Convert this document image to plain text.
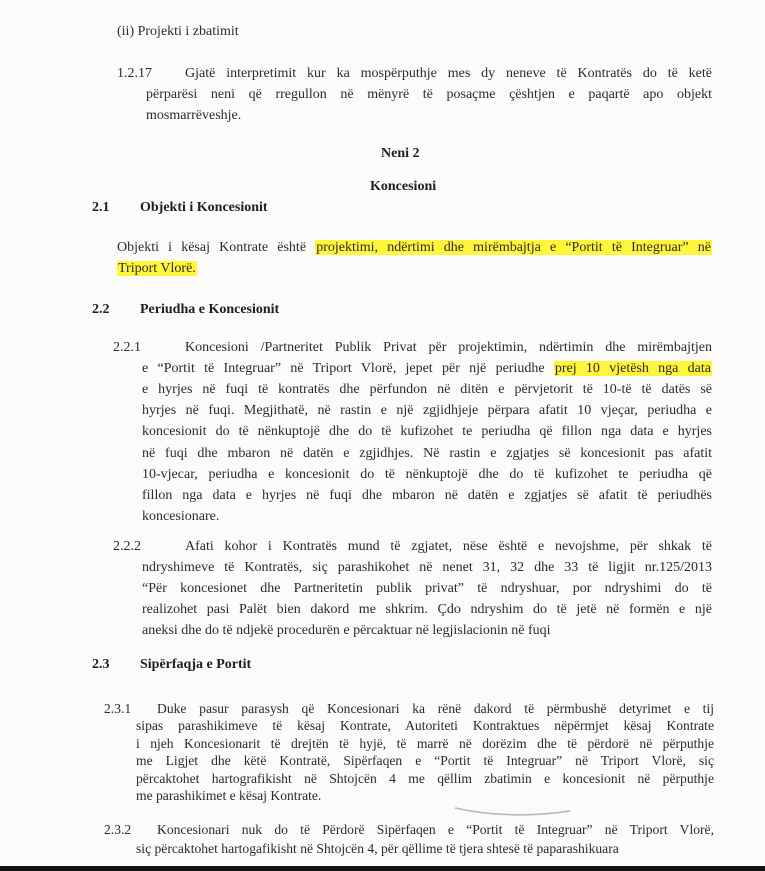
(ii) Projekti i zbatimit
1.2.17 Gjatë interpretimit kur ka mospërputhje mes dy neneve të Kontratës do të ketë
përparësi neni që rregullon në mënyrë të posaçme çështjen e paqartë apo objekt
mosmarrëveshje.
Neni 2
Koncesioni
2.1 Objekti i Koncesionit
Objekti i kësaj Kontrate është projektimi, ndërtimi dhe mirëmbajtja e “Portit të Integruar” në
Triport Vlorë.
2.2 Periudha e Koncesionit
2.2.1	Koncesioni /Partneritet Publik Privat për projektimin, ndërtimin dhe mirëmbajtjen
e “Portit të Integruar” në Triport Vlorë, jepet për një periudhe prej 10 vjetësh nga data
e hyrjes në fuqi të kontratës dhe përfundon në ditën e përvjetorit të 10-të të datës së
hyrjes në fuqi. Megjithatë, në rastin e një zgjidhjeje përpara afatit 10 vjeçar, periudha e
koncesionit do të nënkuptojë dhe do të kufizohet te periudha që fillon nga data e hyrjes
në fuqi dhe mbaron në datën e zgjidhjes. Në rastin e zgjatjes së koncesionit pas afatit
10-vjecar, periudha e koncesionit do të nënkuptojë dhe do të kufizohet te periudha që
fillon nga data e hyrjes në fuqi dhe mbaron në datën e zgjatjes së afatit të periudhës
koncesionare.
2.2.2	Afati kohor i Kontratës mund të zgjatet, nëse është e nevojshme, për shkak të
ndryshimeve të Kontratës, siç parashikohet në nenet 31, 32 dhe 33 të ligjit nr.125/2013
“Për koncesionet dhe Partneritetin publik privat” të ndryshuar, por ndryshimi do të
realizohet pasi Palët bien dakord me shkrim. Çdo ndryshim do të jetë në formën e një
aneksi dhe do të ndjekë procedurën e përcaktuar në legjislacionin në fuqi
2.3 Sipërfaqja e Portit
2.3.1 Duke pasur parasysh që Koncesionari ka rënë dakord të përmbushë detyrimet e tij
sipas parashikimeve të kësaj Kontrate, Autoriteti Kontraktues nëpërmjet kësaj Kontrate
i njeh Koncesionarit të drejtën të hyjë, të marrë në dorëzim dhe të përdorë në përputhje
me Ligjet dhe këtë Kontratë, Sipërfaqen e “Portit të Integruar” në Triport Vlorë, siç
përcaktohet hartografikisht në Shtojcën 4 me qëllim zbatimin e koncesionit në përputhje
me parashikimet e kësaj Kontrate.
2.3.2 Koncesionari nuk do të Përdorë Sipërfaqen e “Portit të Integruar” në Triport Vlorë,
siç përcaktohet hartogafikisht në Shtojcën 4, për qëllime të tjera shtesë të paparashikuara
